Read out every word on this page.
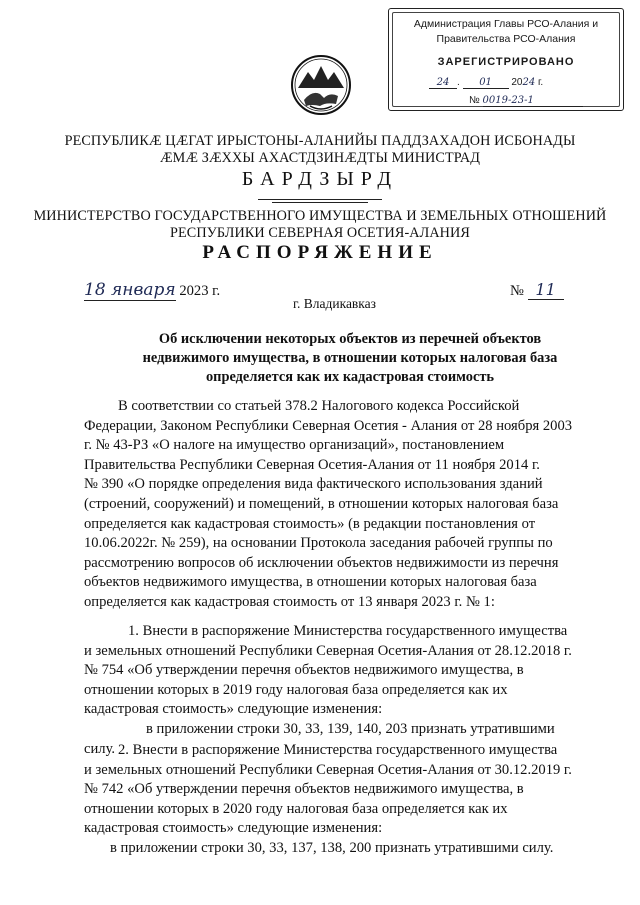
Администрация Главы РСО-Алания и
Правительства РСО-Алания
ЗАРЕГИСТРИРОВАНО
24 . 01 2024 г.
№ 0019-23-1
РЕСПУБЛИКӔ ЦӔГАТ ИРЫСТОНЫ-АЛАНИЙЫ ПАДДЗАХАДОН ИСБОНАДЫ
ӔМӔ ЗӔХХЫ АХАСТДЗИНӔДТЫ МИНИСТРАД
БАРДЗЫРД
МИНИСТЕРСТВО ГОСУДАРСТВЕННОГО ИМУЩЕСТВА И ЗЕМЕЛЬНЫХ ОТНОШЕНИЙ
РЕСПУБЛИКИ СЕВЕРНАЯ ОСЕТИЯ-АЛАНИЯ
РАСПОРЯЖЕНИЕ
18 января 2023 г.	№ 11
г. Владикавказ
Об исключении некоторых объектов из перечней объектов
недвижимого имущества, в отношении которых налоговая база
определяется как их кадастровая стоимость
В соответствии со статьей 378.2 Налогового кодекса Российской
Федерации, Законом Республики Северная Осетия - Алания от 28 ноября 2003
г. № 43-РЗ «О налоге на имущество организаций», постановлением
Правительства Республики Северная Осетия-Алания от 11 ноября 2014 г.
№ 390 «О порядке определения вида фактического использования зданий
(строений, сооружений) и помещений, в отношении которых налоговая база
определяется как кадастровая стоимость» (в редакции постановления от
10.06.2022г. № 259), на основании Протокола заседания рабочей группы по
рассмотрению вопросов об исключении объектов недвижимости из перечня
объектов недвижимого имущества, в отношении которых налоговая база
определяется как кадастровая стоимость от 13 января 2023 г. № 1:
1. Внести в распоряжение Министерства государственного имущества
и земельных отношений Республики Северная Осетия-Алания от 28.12.2018 г.
№ 754 «Об утверждении перечня объектов недвижимого имущества, в
отношении которых в 2019 году налоговая база определяется как их
кадастровая стоимость» следующие изменения:
в приложении строки 30, 33, 139, 140, 203 признать утратившими
силу. 2. Внести в распоряжение Министерства государственного имущества
и земельных отношений Республики Северная Осетия-Алания от 30.12.2019 г.
№ 742 «Об утверждении перечня объектов недвижимого имущества, в
отношении которых в 2020 году налоговая база определяется как их
кадастровая стоимость» следующие изменения:
в приложении строки 30, 33, 137, 138, 200 признать утратившими силу.
